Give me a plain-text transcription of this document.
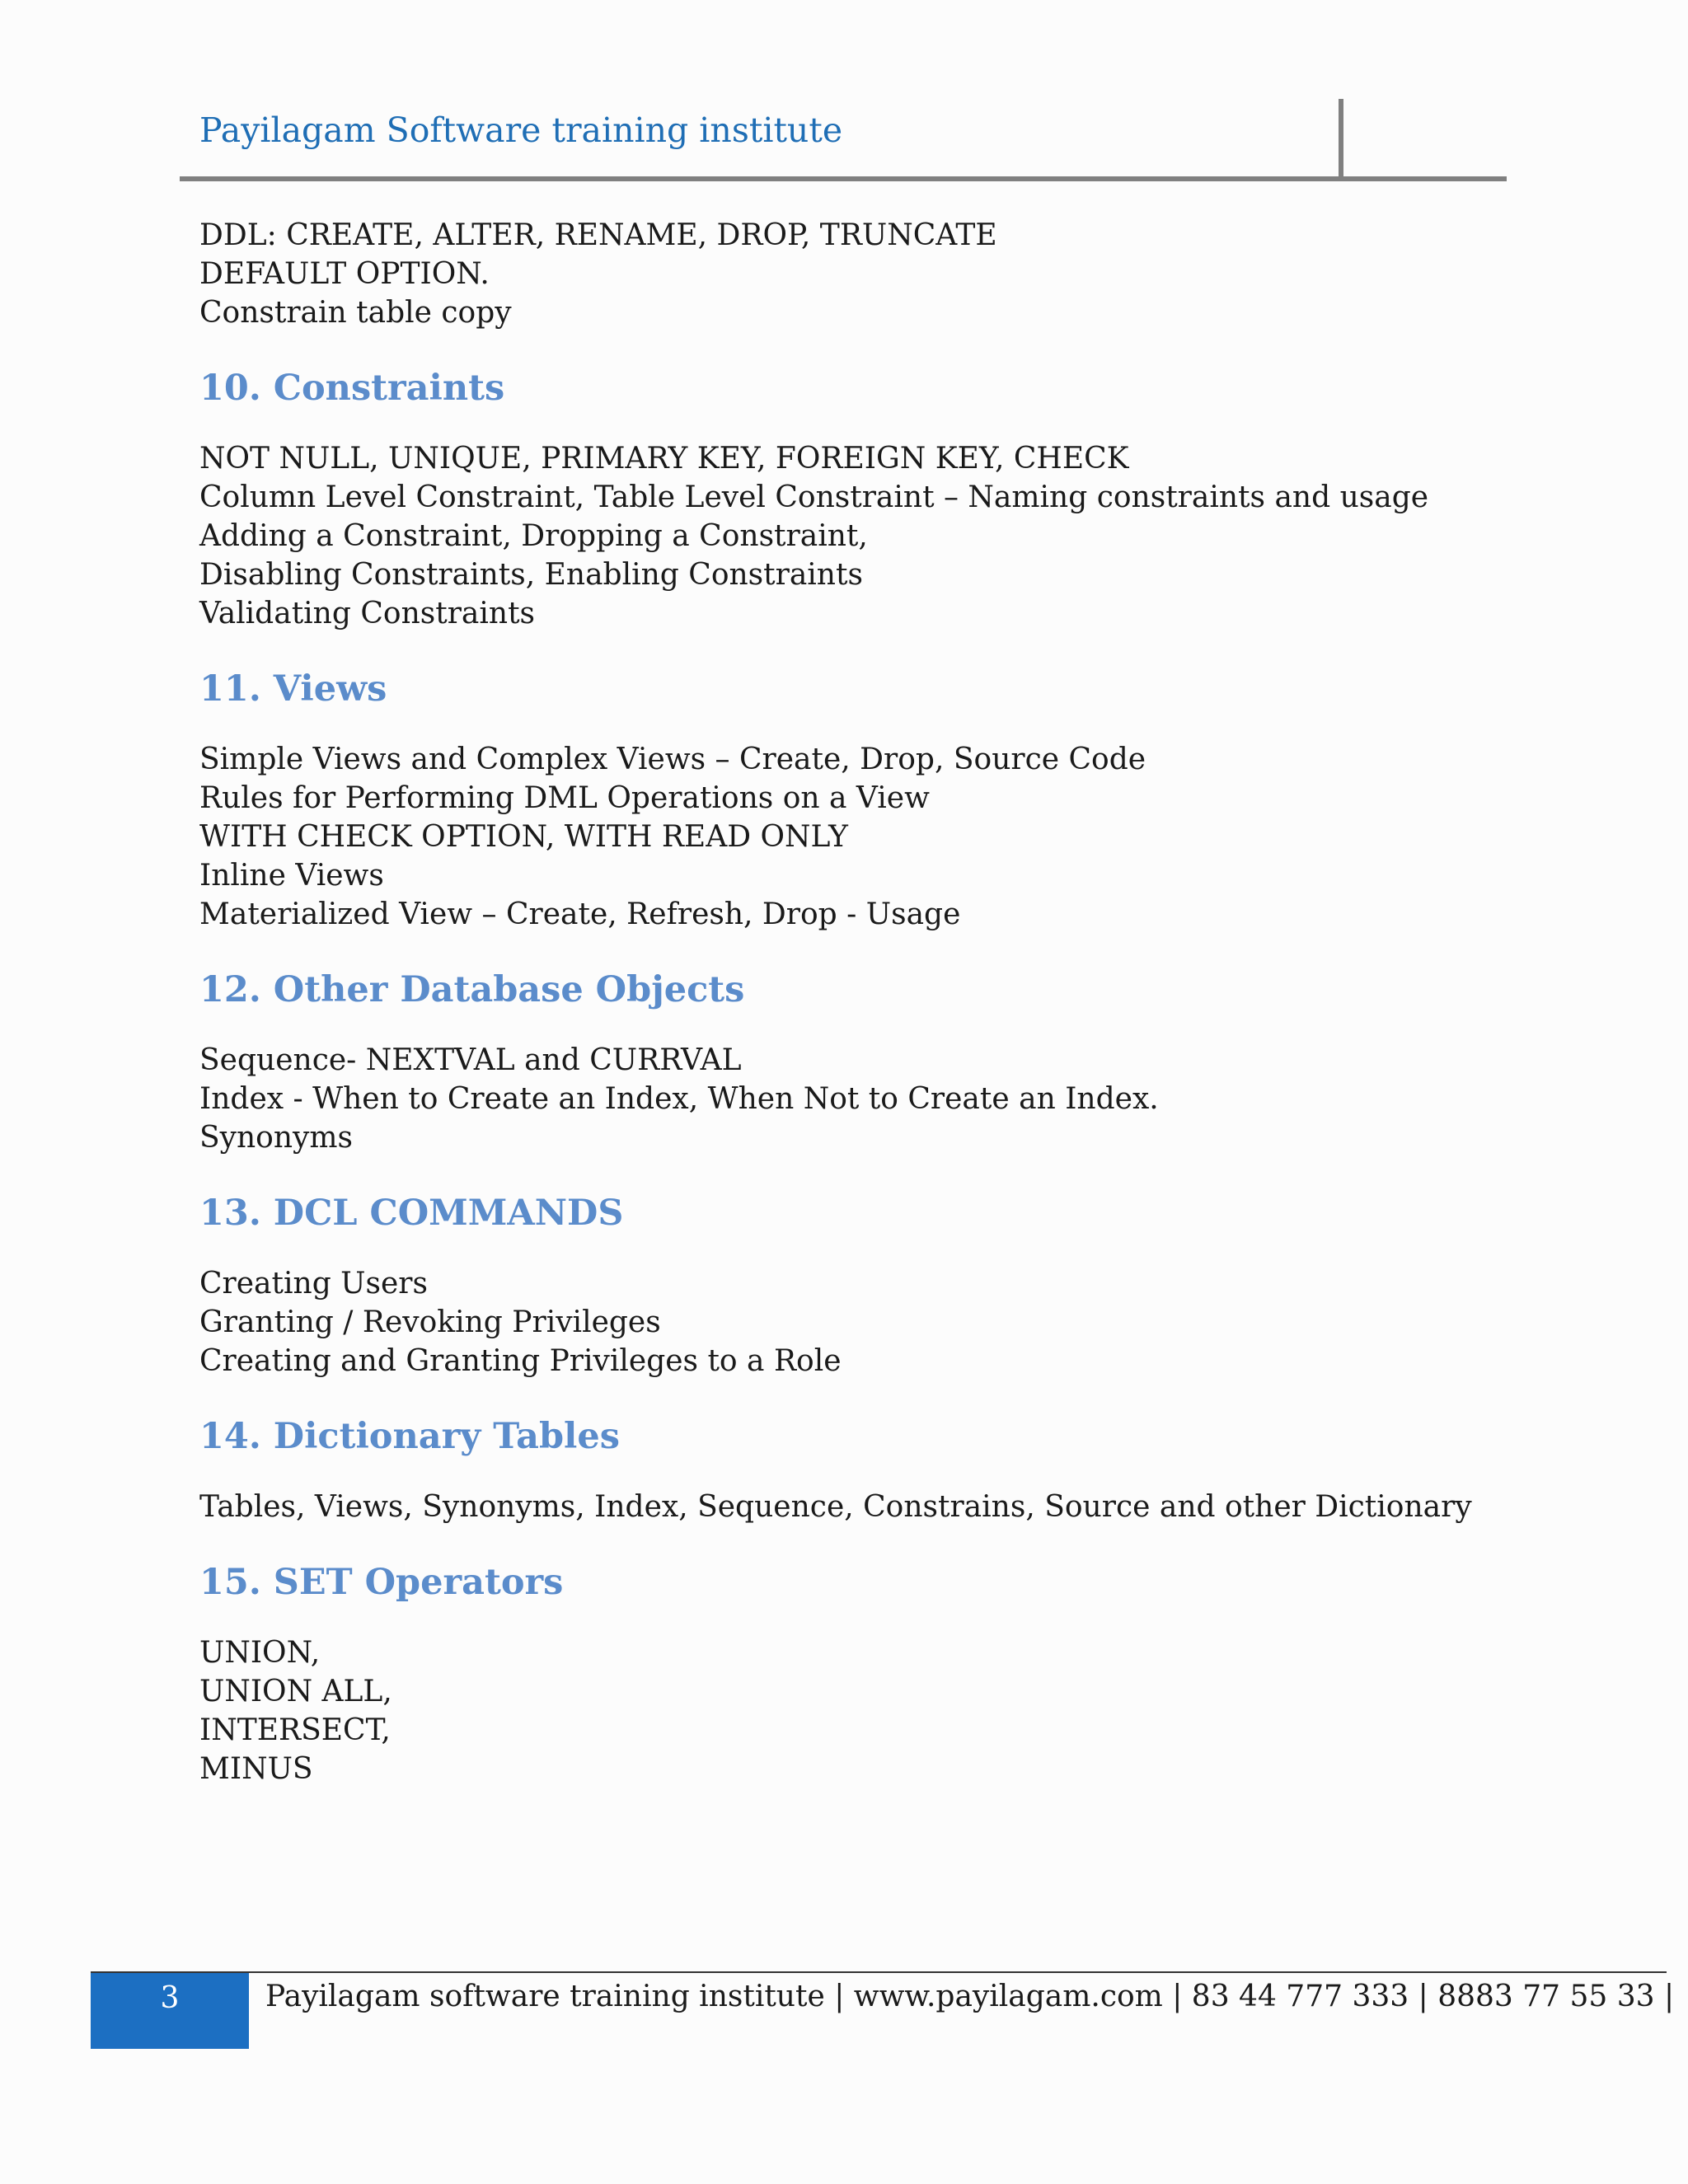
Payilagam Software training institute
DDL: CREATE, ALTER, RENAME, DROP, TRUNCATE
DEFAULT OPTION.
Constrain table copy
10. Constraints
NOT NULL, UNIQUE, PRIMARY KEY, FOREIGN KEY, CHECK
Column Level Constraint, Table Level Constraint – Naming constraints and usage
Adding a Constraint, Dropping a Constraint,
Disabling Constraints, Enabling Constraints
Validating Constraints
11. Views
Simple Views and Complex Views – Create, Drop, Source Code
Rules for Performing DML Operations on a View
WITH CHECK OPTION, WITH READ ONLY
Inline Views
Materialized View – Create, Refresh, Drop - Usage
12. Other Database Objects
Sequence- NEXTVAL and CURRVAL
Index - When to Create an Index, When Not to Create an Index.
Synonyms
13. DCL COMMANDS
Creating Users
Granting / Revoking Privileges
Creating and Granting Privileges to a Role
14. Dictionary Tables
Tables, Views, Synonyms, Index, Sequence, Constrains, Source and other Dictionary
15. SET Operators
UNION,
UNION ALL,
INTERSECT,
MINUS
3	Payilagam software training institute | www.payilagam.com | 83 44 777 333 | 8883 77 55 33 |
